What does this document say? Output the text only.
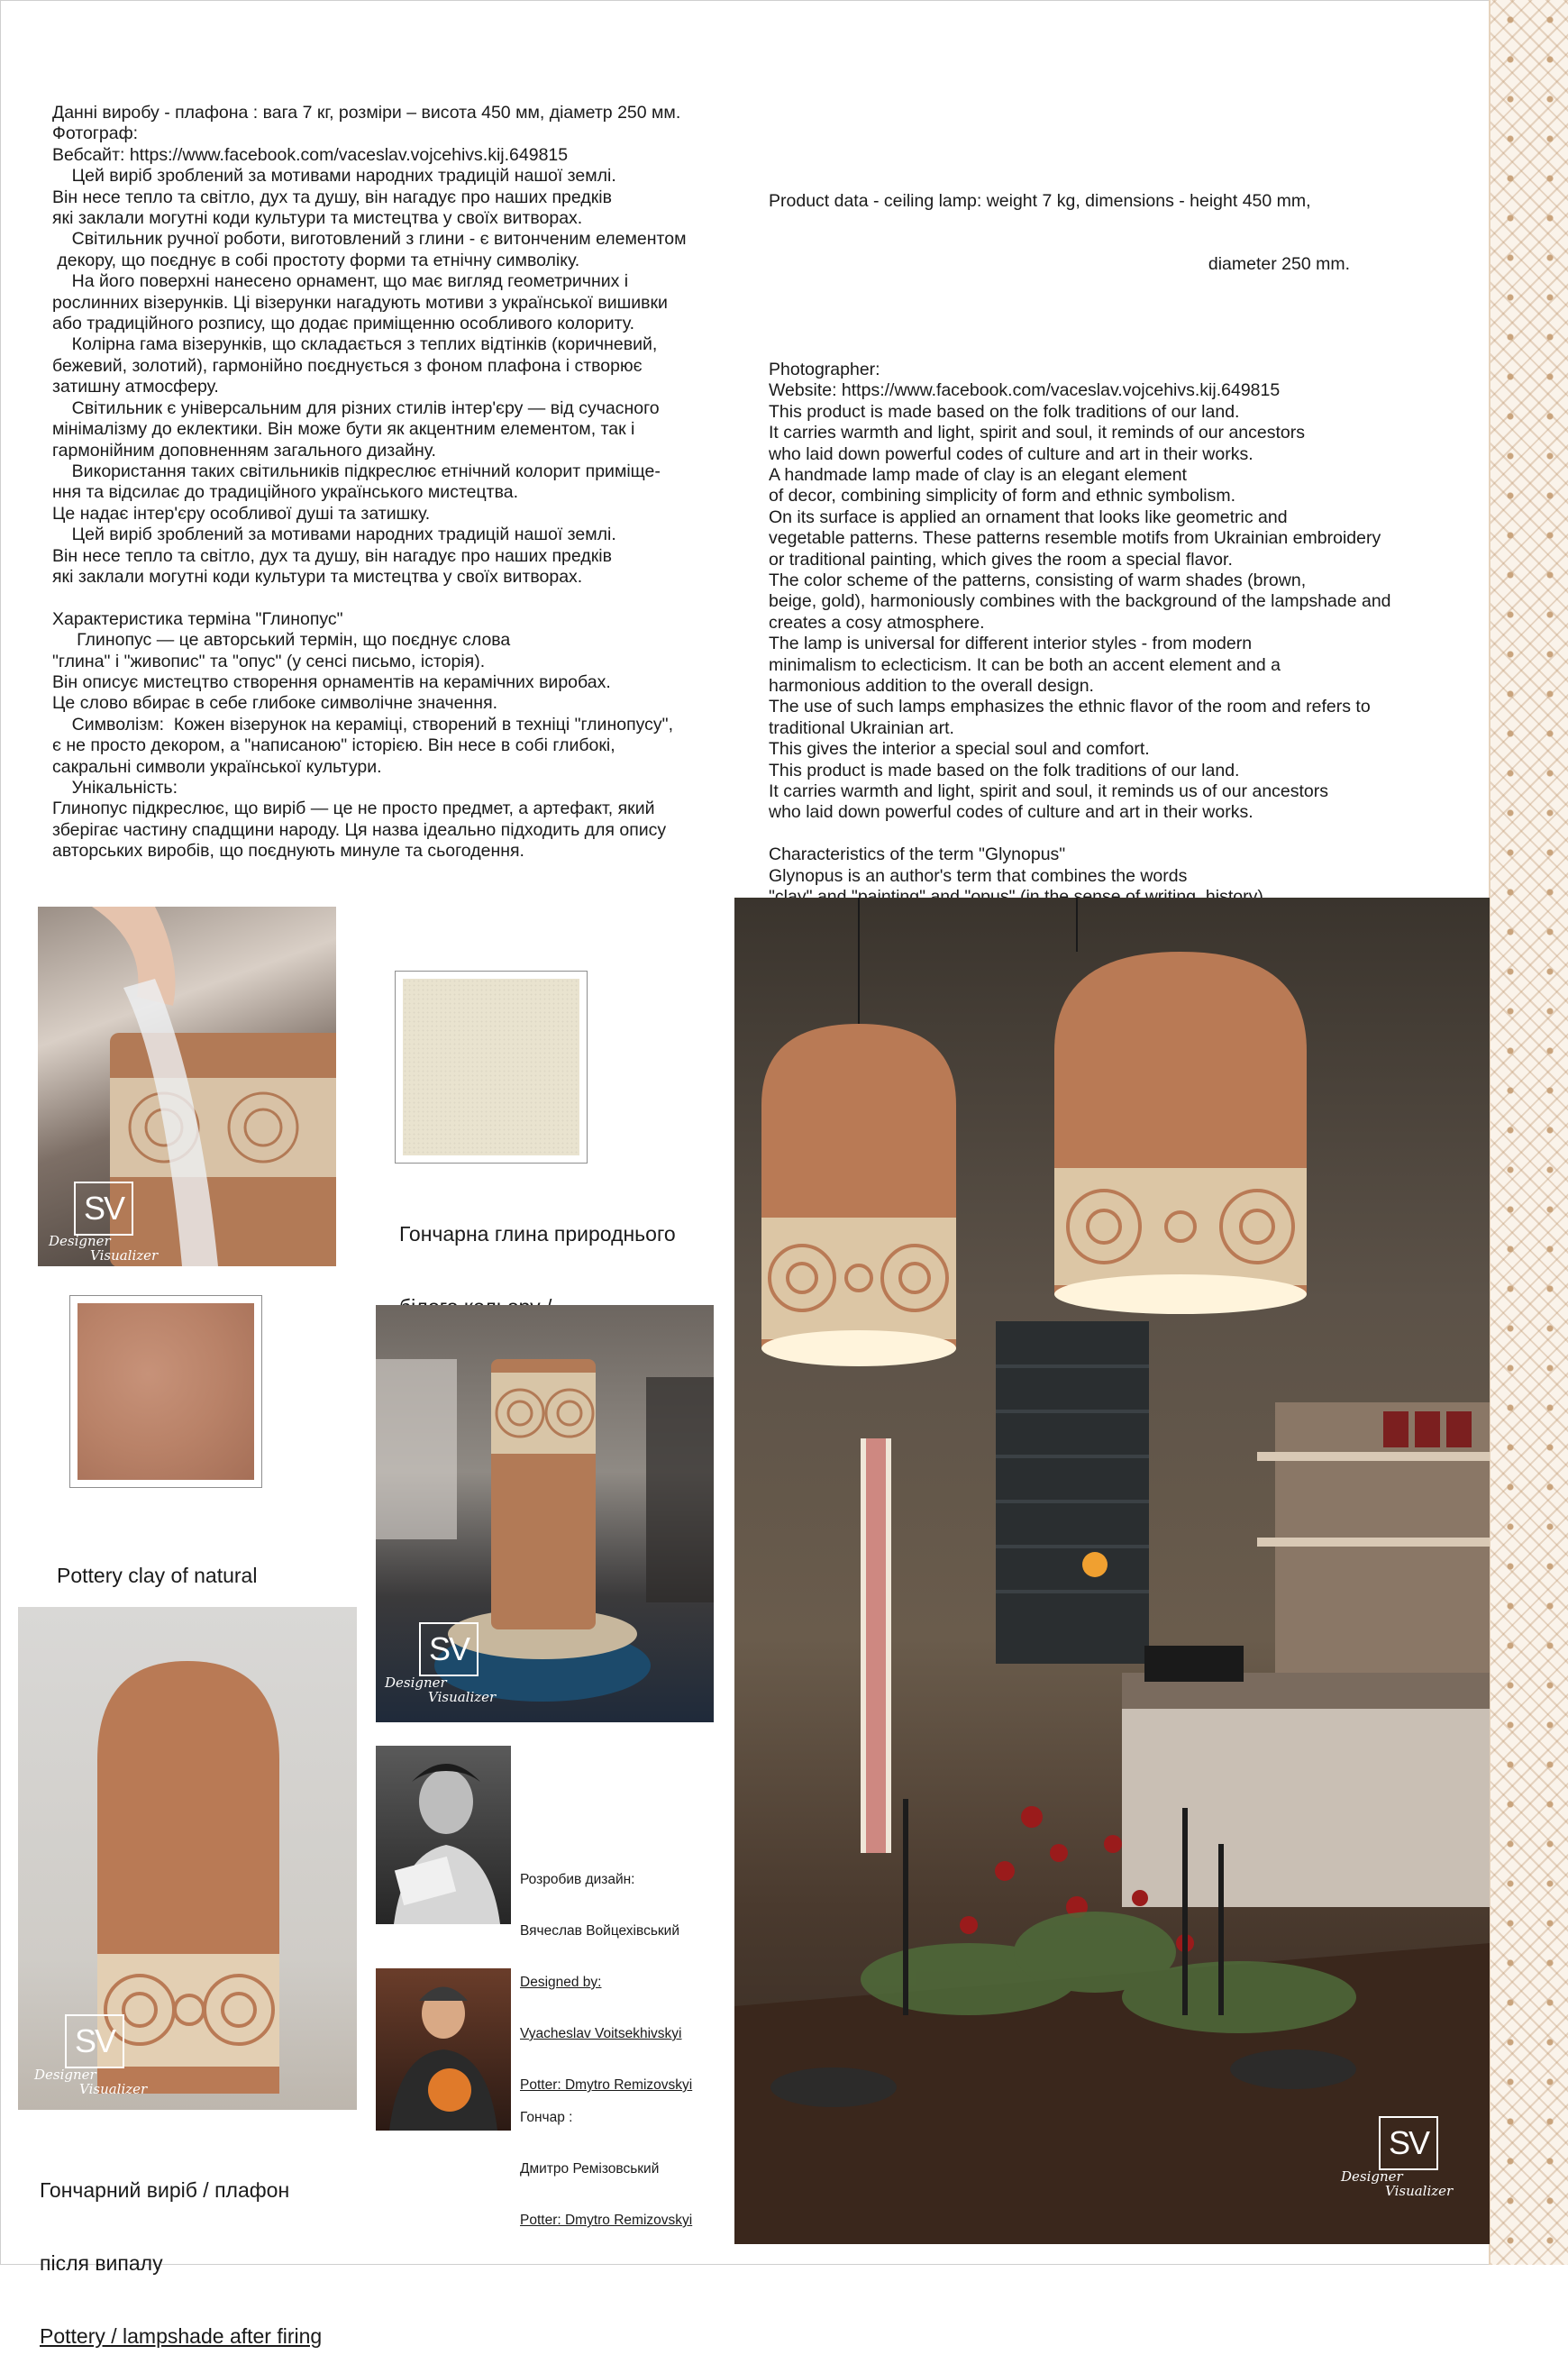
Данні виробу - плафона : вага 7 кг, розміри – висота 450 мм, діаметр 250 мм.
Фотограф:
Вебсайт: https://www.facebook.com/vaceslav.vojcehivs.kij.649815
Цей виріб зроблений за мотивами народних традицій нашої землі.
Він несе тепло та світло, дух та душу, він нагадує про наших предків
які заклали могутні коди культури та мистецтва у своїх витворах.
Світильник ручної роботи, виготовлений з глини - є витонченим елементом
декору, що поєднує в собі простоту форми та етнічну символіку.
На його поверхні нанесено орнамент, що має вигляд геометричних і
рослинних візерунків. Ці візерунки нагадують мотиви з української вишивки
або традиційного розпису, що додає приміщенню особливого колориту.
Колірна гама візерунків, що складається з теплих відтінків (коричневий,
бежевий, золотий), гармонійно поєднується з фоном плафона і створює
затишну атмосферу.
Світильник є універсальним для різних стилів інтер'єру — від сучасного
мінімалізму до еклектики. Він може бути як акцентним елементом, так і
гармонійним доповненням загального дизайну.
Використання таких світильників підкреслює етнічний колорит приміще-
ння та відсилає до традиційного українського мистецтва.
Це надає інтер'єру особливої душі та затишку.
Цей виріб зроблений за мотивами народних традицій нашої землі.
Він несе тепло та світло, дух та душу, він нагадує про наших предків
які заклали могутні коди культури та мистецтва у своїх витворах.

Характеристика терміна "Глинопус"
Глинопус — це авторський термін, що поєднує слова
"глина" і "живопис" та "опус" (у сенсі письмо, історія).
Він описує мистецтво створення орнаментів на керамічних виробах.
Це слово вбирає в себе глибоке символічне значення.
Символізм:  Кожен візерунок на кераміці, створений в техніці "глинопусу",
є не просто декором, а "написаною" історією. Він несе в собі глибокі,
сакральні символи української культури.
Унікальність:
Глинопус підкреслює, що виріб — це не просто предмет, а артефакт, який
зберігає частину спадщини народу. Ця назва ідеально підходить для опису
авторських виробів, що поєднують минуле та сьогодення.

Product data - ceiling lamp: weight 7 kg, dimensions - height 450 mm,

diameter 250 mm.

Photographer:
Website: https://www.facebook.com/vaceslav.vojcehivs.kij.649815
This product is made based on the folk traditions of our land.
It carries warmth and light, spirit and soul, it reminds of our ancestors
who laid down powerful codes of culture and art in their works.
A handmade lamp made of clay is an elegant element
of decor, combining simplicity of form and ethnic symbolism.
On its surface is applied an ornament that looks like geometric and
vegetable patterns. These patterns resemble motifs from Ukrainian embroidery
or traditional painting, which gives the room a special flavor.
The color scheme of the patterns, consisting of warm shades (brown,
beige, gold), harmoniously combines with the background of the lampshade and
creates a cosy atmosphere.
The lamp is universal for different interior styles - from modern
minimalism to eclecticism. It can be both an accent element and a
harmonious addition to the overall design.
The use of such lamps emphasizes the ethnic flavor of the room and refers to
traditional Ukrainian art.
This gives the interior a special soul and comfort.
This product is made based on the folk traditions of our land.
It carries warmth and light, spirit and soul, it reminds us of our ancestors
who laid down powerful codes of culture and art in their works.

Characteristics of the term "Glynopus"
Glynopus is an author's term that combines the words

SV
Designer
Visualizer

Гончарна глина природнього

Pottery clay of natural

SV
Designer
Visualizer
SV
Designer
Visualizer

Гончарний виріб / плафон

після випалу

Pottery / lampshade after firing

Розробив дизайн:

Вячеслав Войцехівський

Designed by:

Vyacheslav Voitsekhivskyi

Potter: Dmytro Remizovskyi

Гончар :

Дмитро Ремізовський

Potter: Dmytro Remizovskyi

SV
Designer
Visualizer
